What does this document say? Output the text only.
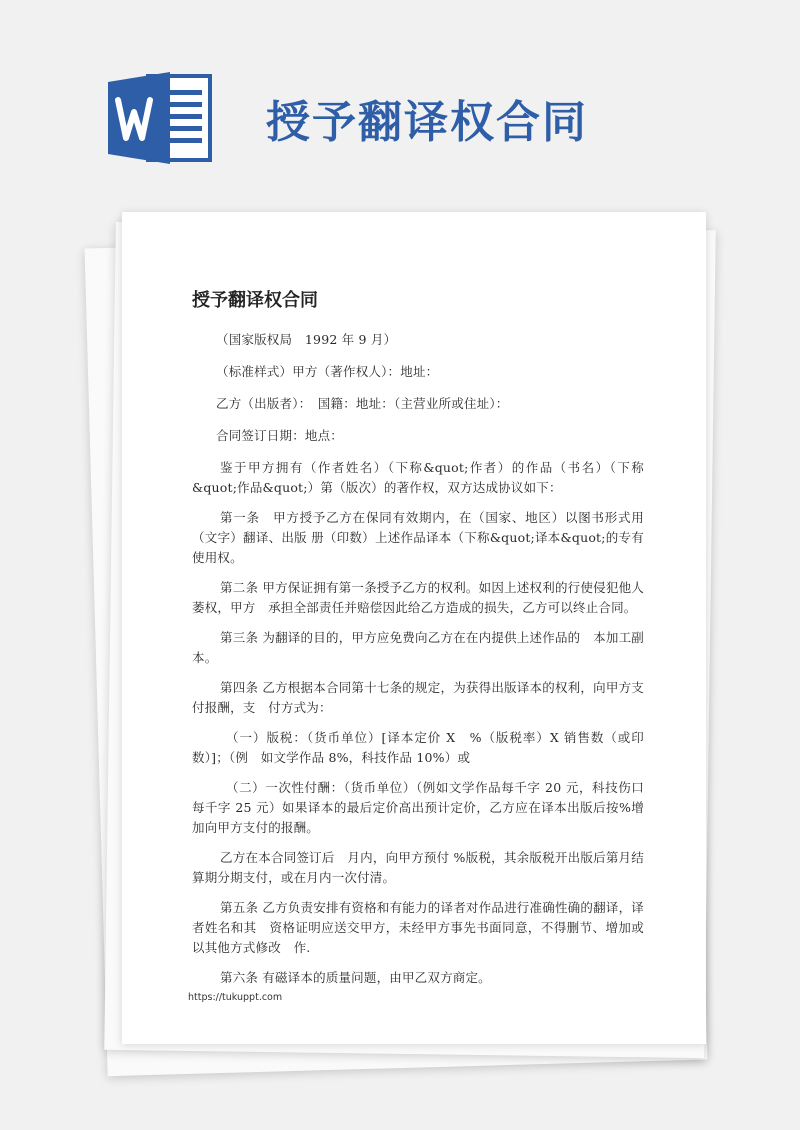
授予翻译权合同
授予翻译权合同

（国家版权局　1992 年 9 月）

（标准样式）甲方（著作权人）：地址：

乙方（出版者）：　国籍：地址：（主营业所或住址）：

合同签订日期：地点：

鉴于甲方拥有（作者姓名）（下称&quot;作者）的作品（书名）（下称&quot;作品&quot;）第（版次）的著作权，双方达成协议如下：

第一条　甲方授予乙方在保同有效期内，在（国家、地区）以图书形式用（文字）翻译、出版 册（印数）上述作品译本（下称&quot;译本&quot;的专有使用权。

第二条 甲方保证拥有第一条授予乙方的权利。如因上述权利的行使侵犯他人萎权，甲方　承担全部责任并赔偿因此给乙方造成的损失，乙方可以终止合同。

第三条 为翻译的目的，甲方应免费向乙方在在内提供上述作品的　本加工副本。

第四条 乙方根据本合同第十七条的规定，为获得出版译本的权利，向甲方支付报酬，支　付方式为：

（一）版税：（货币单位）[译本定价 X　%（版税率）X 销售数（或印数）]；（例　如文学作品 8%，科技作品 10%）或

（二）一次性付酬：（货币单位）（例如文学作品每千字 20 元，科技伤口每千字 25 元）如果译本的最后定价高出预计定价，乙方应在译本出版后按%增加向甲方支付的报酬。

乙方在本合同签订后　月内，向甲方预付 %版税，其余版税开出版后第月结算期分期支付，或在月内一次付清。

第五条 乙方负责安排有资格和有能力的译者对作品进行准确性确的翻译，译者姓名和其　资格证明应送交甲方，未经甲方事先书面同意，不得删节、增加或以其他方式修改　作.

第六条 有磁译本的质量问题，由甲乙双方商定。

https://tukuppt.com
